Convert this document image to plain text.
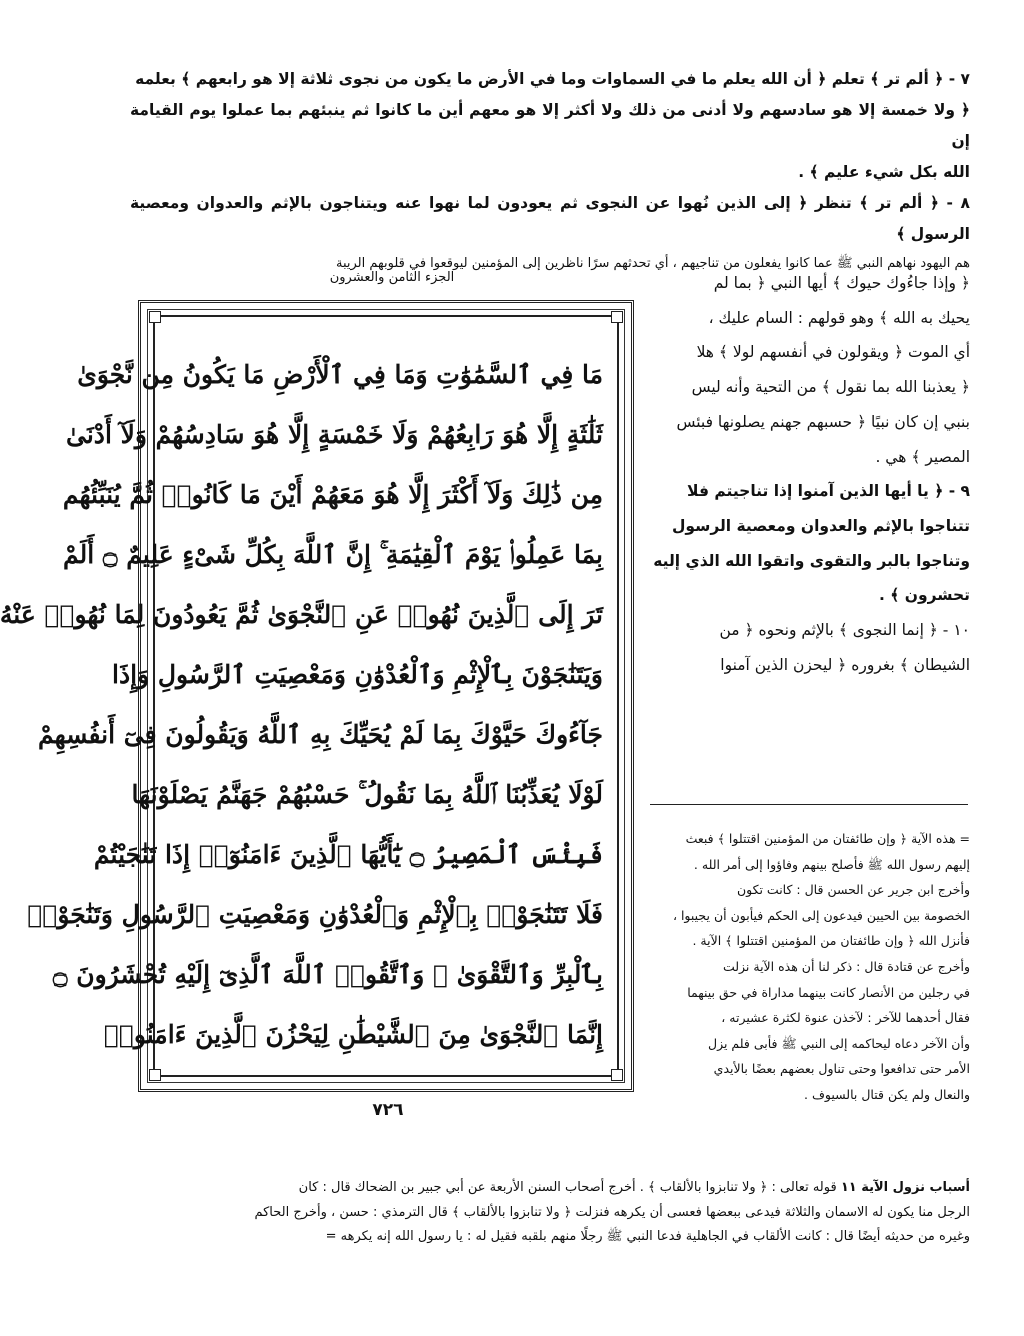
٧ - ﴿ ألم تر ﴾ تعلم ﴿ أن الله يعلم ما في السماوات وما في الأرض ما يكون من نجوى ثلاثة إلا هو رابعهم ﴾ بعلمه

﴿ ولا خمسة إلا هو سادسهم ولا أدنى من ذلك ولا أكثر إلا هو معهم أين ما كانوا ثم ينبئهم بما عملوا يوم القيامة إن

الله بكل شيء عليم ﴾ .

٨ - ﴿ ألم تر ﴾ تنظر ﴿ إلى الذين نُهوا عن النجوى ثم يعودون لما نهوا عنه ويتناجون بالإثم والعدوان ومعصية الرسول ﴾

هم اليهود نهاهم النبي ﷺ عما كانوا يفعلون من تناجيهم ، أي تحدثهم سرًا ناظرين إلى المؤمنين ليوقعوا في قلوبهم الريبة

﴿ وإذا جاءُوك حيوك ﴾ أيها النبي ﴿ بما لم

يحيك به الله ﴾ وهو قولهم : السام عليك ،

أي الموت ﴿ ويقولون في أنفسهم لولا ﴾ هلا

﴿ يعذبنا الله بما نقول ﴾ من التحية وأنه ليس

بنبي إن كان نبيًا ﴿ حسبهم جهنم يصلونها فبئس

المصير ﴾ هي .

٩ - ﴿ يا أيها الذين آمنوا إذا تناجيتم فلا

تتناجوا بالإثم والعدوان ومعصية الرسول

وتناجوا بالبر والتقوى واتقوا الله الذي إليه

تحشرون ﴾ .

١٠ - ﴿ إنما النجوى ﴾ بالإثم ونحوه ﴿ من

الشيطان ﴾ بغروره ﴿ ليحزن الذين آمنوا

الجزء الثامن والعشرون
مَا فِي ٱلسَّمَٰوَٰتِ وَمَا فِي ٱلْأَرْضِ مَا يَكُونُ مِن نَّجْوَىٰ
ثَلَٰثَةٍ إِلَّا هُوَ رَابِعُهُمْ وَلَا خَمْسَةٍ إِلَّا هُوَ سَادِسُهُمْ وَلَآ أَدْنَىٰ
مِن ذَٰلِكَ وَلَآ أَكْثَرَ إِلَّا هُوَ مَعَهُمْ أَيْنَ مَا كَانُوا۟ ثُمَّ يُنَبِّئُهُم
بِمَا عَمِلُوا۟ يَوْمَ ٱلْقِيَٰمَةِ ۚ إِنَّ ٱللَّهَ بِكُلِّ شَىْءٍ عَلِيمٌ ۝ أَلَمْ
تَرَ إِلَى ٱلَّذِينَ نُهُوا۟ عَنِ ٱلنَّجْوَىٰ ثُمَّ يَعُودُونَ لِمَا نُهُوا۟ عَنْهُ
وَيَتَنَٰجَوْنَ بِٱلْإِثْمِ وَٱلْعُدْوَٰنِ وَمَعْصِيَتِ ٱلرَّسُولِ وَإِذَا
جَآءُوكَ حَيَّوْكَ بِمَا لَمْ يُحَيِّكَ بِهِ ٱللَّهُ وَيَقُولُونَ فِىٓ أَنفُسِهِمْ
لَوْلَا يُعَذِّبُنَا ٱللَّهُ بِمَا نَقُولُ ۚ حَسْبُهُمْ جَهَنَّمُ يَصْلَوْنَهَا
فَبِئْسَ ٱلْمَصِيرُ ۝ يَٰٓأَيُّهَا ٱلَّذِينَ ءَامَنُوٓا۟ إِذَا تَنَٰجَيْتُمْ
فَلَا تَتَنَٰجَوْا۟ بِٱلْإِثْمِ وَٱلْعُدْوَٰنِ وَمَعْصِيَتِ ٱلرَّسُولِ وَتَنَٰجَوْا۟
بِٱلْبِرِّ وَٱلتَّقْوَىٰ ۖ وَٱتَّقُوا۟ ٱللَّهَ ٱلَّذِىٓ إِلَيْهِ تُحْشَرُونَ ۝
إِنَّمَا ٱلنَّجْوَىٰ مِنَ ٱلشَّيْطَٰنِ لِيَحْزُنَ ٱلَّذِينَ ءَامَنُوا۟
٧٢٦

= هذه الآية ﴿ وإن طائفتان من المؤمنين اقتتلوا ﴾ فبعث

إليهم رسول الله ﷺ فأصلح بينهم وفاؤوا إلى أمر الله .

وأخرج ابن جرير عن الحسن قال : كانت تكون

الخصومة بين الحيين فيدعون إلى الحكم فيأبون أن يجيبوا ،

فأنزل الله ﴿ وإن طائفتان من المؤمنين اقتتلوا ﴾ الآية .

وأخرج عن قتادة قال : ذكر لنا أن هذه الآية نزلت

في رجلين من الأنصار كانت بينهما مداراة في حق بينهما

فقال أحدهما للآخر : لآخذن عنوة لكثرة عشيرته ،

وأن الآخر دعاه ليحاكمه إلى النبي ﷺ فأبى فلم يزل

الأمر حتى تدافعوا وحتى تناول بعضهم بعضًا بالأيدي

والنعال ولم يكن قتال بالسيوف .

أسباب نزول الآية ١١ قوله تعالى : ﴿ ولا تنابزوا بالألقاب ﴾ . أخرج أصحاب السنن الأربعة عن أبي جبير بن الضحاك قال : كان

الرجل منا يكون له الاسمان والثلاثة فيدعى ببعضها فعسى أن يكرهه فنزلت ﴿ ولا تنابزوا بالألقاب ﴾ قال الترمذي : حسن ، وأخرج الحاكم

وغيره من حديثه أيضًا قال : كانت الألقاب في الجاهلية فدعا النبي ﷺ رجلًا منهم بلقبه فقيل له : يا رسول الله إنه يكرهه =
